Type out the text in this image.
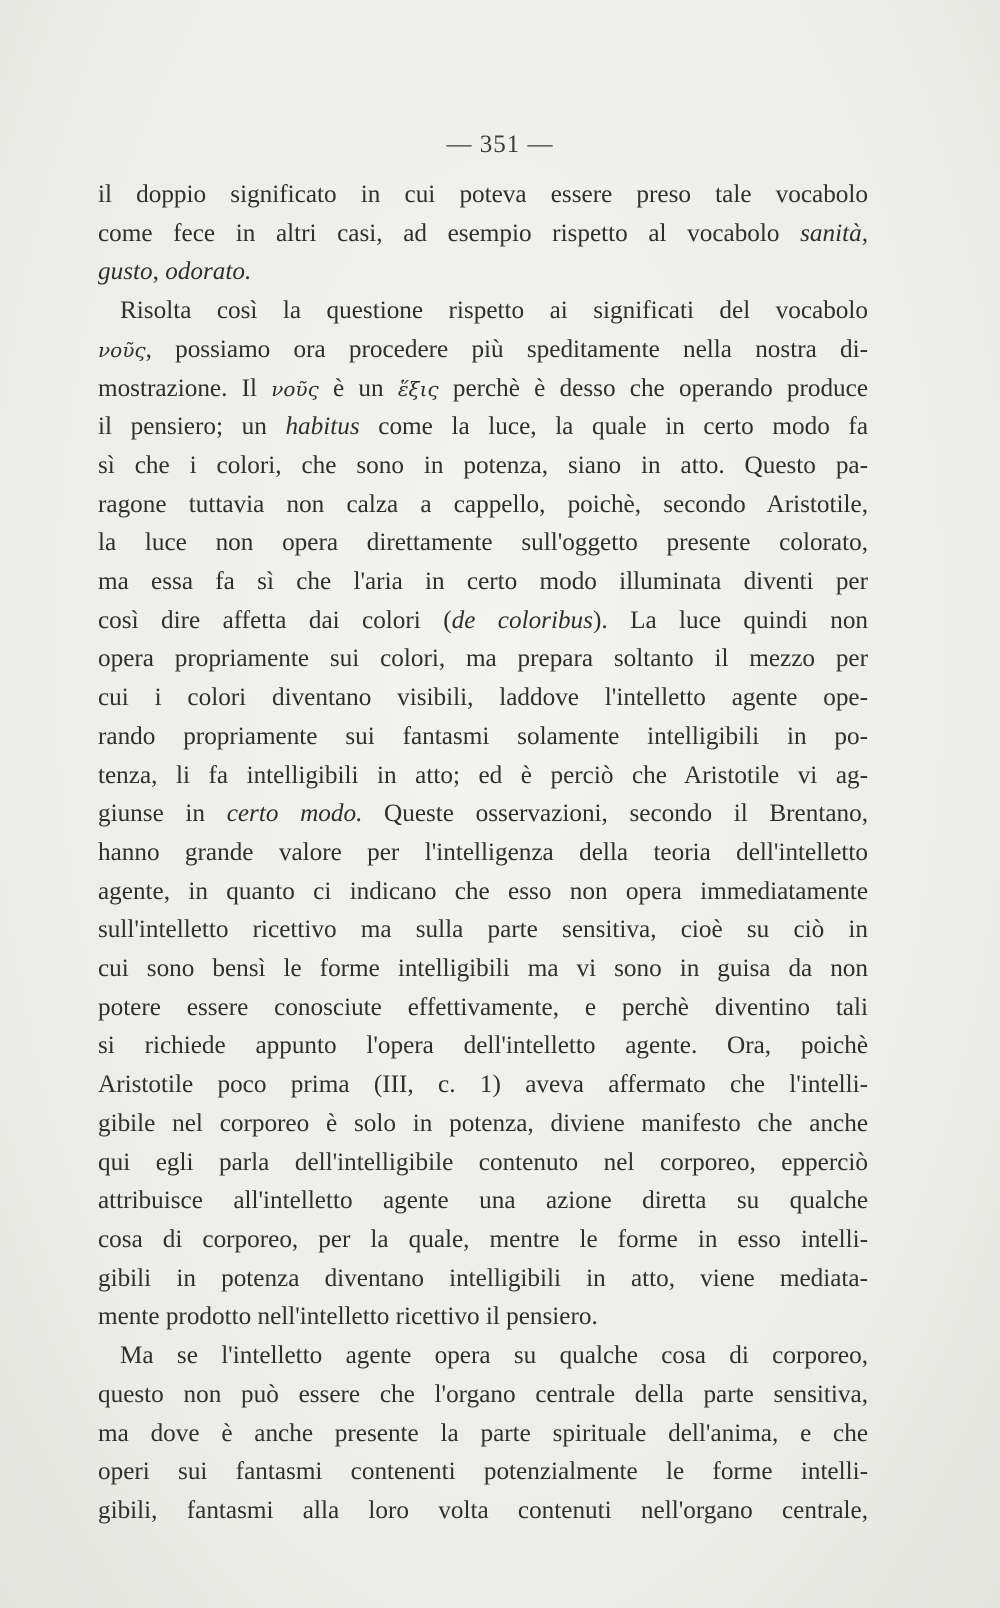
— 351 —
il doppio significato in cui poteva essere preso tale vocabolo
come fece in altri casi, ad esempio rispetto al vocabolo sanità,
gusto, odorato.
Risolta così la questione rispetto ai significati del vocabolo
νοῦς, possiamo ora procedere più speditamente nella nostra di-
mostrazione. Il νοῦς è un ἕξις perchè è desso che operando produce
il pensiero; un habitus come la luce, la quale in certo modo fa
sì che i colori, che sono in potenza, siano in atto. Questo pa-
ragone tuttavia non calza a cappello, poichè, secondo Aristotile,
la luce non opera direttamente sull'oggetto presente colorato,
ma essa fa sì che l'aria in certo modo illuminata diventi per
così dire affetta dai colori (de coloribus). La luce quindi non
opera propriamente sui colori, ma prepara soltanto il mezzo per
cui i colori diventano visibili, laddove l'intelletto agente ope-
rando propriamente sui fantasmi solamente intelligibili in po-
tenza, li fa intelligibili in atto; ed è perciò che Aristotile vi ag-
giunse in certo modo. Queste osservazioni, secondo il Brentano,
hanno grande valore per l'intelligenza della teoria dell'intelletto
agente, in quanto ci indicano che esso non opera immediatamente
sull'intelletto ricettivo ma sulla parte sensitiva, cioè su ciò in
cui sono bensì le forme intelligibili ma vi sono in guisa da non
potere essere conosciute effettivamente, e perchè diventino tali
si richiede appunto l'opera dell'intelletto agente. Ora, poichè
Aristotile poco prima (III, c. 1) aveva affermato che l'intelli-
gibile nel corporeo è solo in potenza, diviene manifesto che anche
qui egli parla dell'intelligibile contenuto nel corporeo, epperciò
attribuisce all'intelletto agente una azione diretta su qualche
cosa di corporeo, per la quale, mentre le forme in esso intelli-
gibili in potenza diventano intelligibili in atto, viene mediata-
mente prodotto nell'intelletto ricettivo il pensiero.
Ma se l'intelletto agente opera su qualche cosa di corporeo,
questo non può essere che l'organo centrale della parte sensitiva,
ma dove è anche presente la parte spirituale dell'anima, e che
operi sui fantasmi contenenti potenzialmente le forme intelli-
gibili, fantasmi alla loro volta contenuti nell'organo centrale,
